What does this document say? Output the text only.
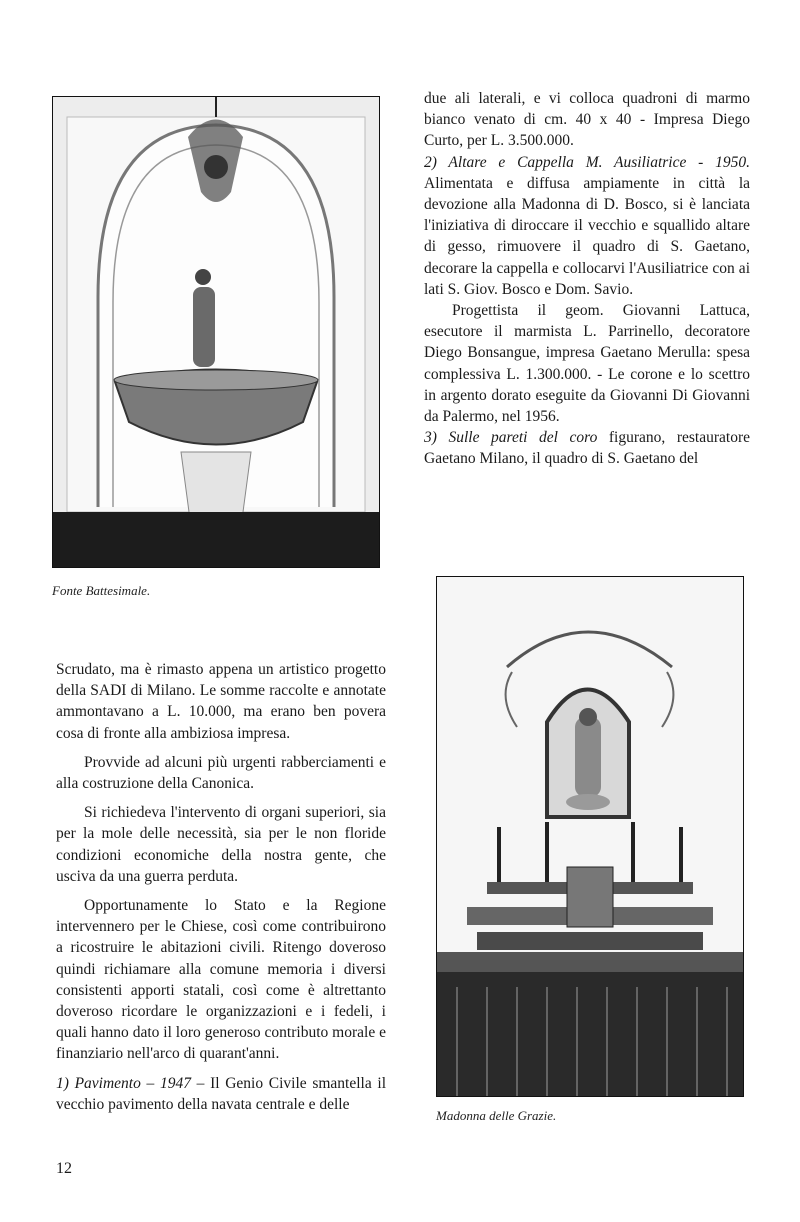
Fonte Battesimale.

due ali laterali, e vi colloca quadroni di marmo bianco venato di cm. 40 x 40 - Impresa Diego Curto, per L. 3.500.000.

2) Altare e Cappella M. Ausiliatrice - 1950. Alimentata e diffusa ampiamente in città la devozione alla Madonna di D. Bosco, si è lanciata l'iniziativa di diroccare il vecchio e squallido altare di gesso, rimuovere il quadro di S. Gaetano, decorare la cappella e collocarvi l'Ausiliatrice con ai lati S. Giov. Bosco e Dom. Savio.

Progettista il geom. Giovanni Lattuca, esecutore il marmista L. Parrinello, decoratore Diego Bonsangue, impresa Gaetano Merulla: spesa complessiva L. 1.300.000. - Le corone e lo scettro in argento dorato eseguite da Giovanni Di Giovanni da Palermo, nel 1956.

3) Sulle pareti del coro figurano, restauratore Gaetano Milano, il quadro di S. Gaetano del

Madonna delle Grazie.

Scrudato, ma è rimasto appena un artistico progetto della SADI di Milano. Le somme raccolte e annotate ammontavano a L. 10.000, ma erano ben povera cosa di fronte alla ambiziosa impresa.

Provvide ad alcuni più urgenti rabberciamenti e alla costruzione della Canonica.

Si richiedeva l'intervento di organi superiori, sia per la mole delle necessità, sia per le non floride condizioni economiche della nostra gente, che usciva da una guerra perduta.

Opportunamente lo Stato e la Regione intervennero per le Chiese, così come contribuirono a ricostruire le abitazioni civili. Ritengo doveroso quindi richiamare alla comune memoria i diversi consistenti apporti statali, così come è altrettanto doveroso ricordare le organizzazioni e i fedeli, i quali hanno dato il loro generoso contributo morale e finanziario nell'arco di quarant'anni.

1) Pavimento – 1947 – Il Genio Civile smantella il vecchio pavimento della navata centrale e delle

12
